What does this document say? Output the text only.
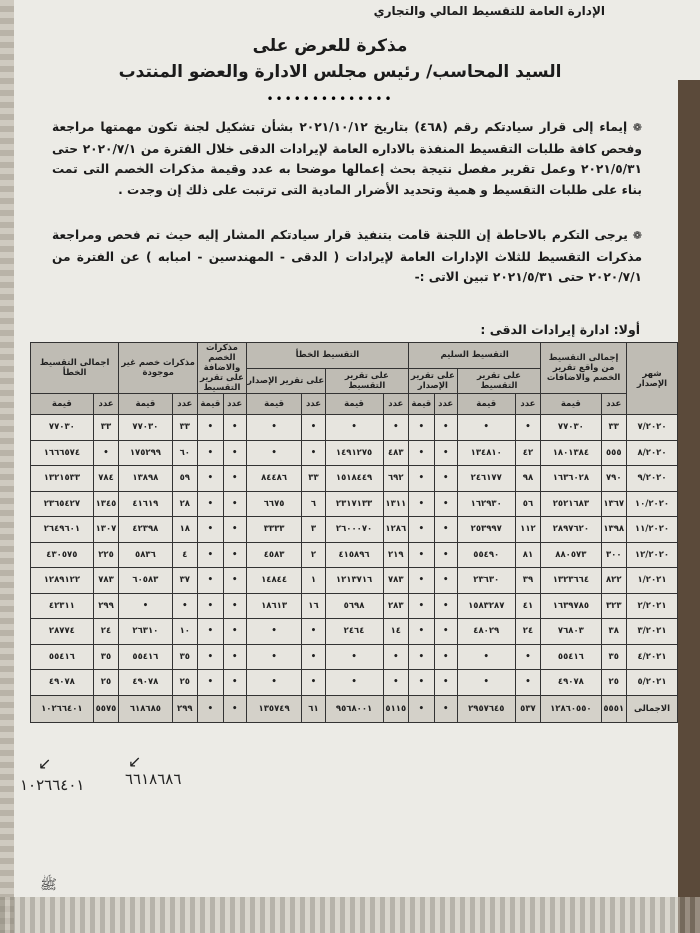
الإدارة العامة للتقسيط المالي والتجاري
مذكرة للعرض على
السيد المحاسب/ رئيس مجلس الادارة والعضو المنتدب
••••••••••••••
❁ إيماء إلى قرار سيادتكم رقم (٤٦٨) بتاريخ ٢٠٢١/١٠/١٢ بشأن تشكيل لجنة تكون مهمتها مراجعة وفحص كافة طلبات التقسيط المنفذة بالاداره العامة لإيرادات الدقى خلال الفترة من ٢٠٢٠/٧/١ حتى ٢٠٢١/٥/٣١ وعمل تقرير مفصل نتيجة بحث إعمالها موضحا به عدد وقيمة مذكرات الخصم التى تمت بناء على طلبات التقسيط و همية وتحديد الأضرار المادية التى ترتبت على ذلك إن وجدت .
❁ يرجى التكرم بالاحاطة إن اللجنة قامت بتنفيذ قرار سيادتكم المشار إليه حيث تم فحص ومراجعة مذكرات التقسيط للثلاث الإدارات العامة لإيرادات ( الدقى - المهندسين - امبابه ) عن الفترة من ٢٠٢٠/٧/١ حتى ٢٠٢١/٥/٣١ تبين الاتى :-
أولا: ادارة إيرادات الدقى :
شهر الإصدار	إجمالى التقسيط من واقع تقرير الخصم والاضافات		التقسيط السليم				التقسيط الخطأ				مذكرات الخصم والاضافة على تقرير التقسيط		مذكرات خصم غير موجودة		اجمالى التقسيط الخطأ	
			على تقرير التقسيط		على تقرير الإصدار		على تقرير التقسيط		على تقرير الإصدار							
	عدد	قيمة	عدد	قيمة	عدد	قيمة	عدد	قيمة	عدد	قيمة	عدد	قيمة	عدد	قيمة	عدد	قيمة
٧/٢٠٢٠	٣٣	٧٧٠٣٠	•	•	•	•	•	•	•	•	•	•	٣٣	٧٧٠٣٠	٣٣	٧٧٠٣٠
٨/٢٠٢٠	٥٥٥	١٨٠١٣٨٤	٤٢	١٣٤٨١٠	•	•	٤٨٣	١٤٩١٢٧٥	•	•	•	•	٦٠	١٧٥٢٩٩	•	١٦٦٦٥٧٤
٩/٢٠٢٠	٧٩٠	١٦٣٦٠٢٨	٩٨	٢٤٦١٧٧	•	•	٦٩٢	١٥١٨٤٤٩	٣٣	٨٤٤٨٦	•	•	٥٩	١٣٨٩٨	٧٨٤	١٣٢١٥٣٣
١٠/٢٠٢٠	١٣٦٧	٢٥٢١٦٨٣	٥٦	١٦٢٩٣٠	•	•	١٣١١	٢٣١٧١٣٣	٦	٦٦٧٥	•	•	٢٨	٤١٦١٩	١٣٤٥	٢٣٦٥٤٢٧
١١/٢٠٢٠	١٣٩٨	٢٨٩٧٦٢٠	١١٢	٢٥٣٩٩٧	•	•	١٢٨٦	٢٦٠٠٠٧٠	٣	٣٣٣٣	•	•	١٨	٤٢٣٩٨	١٣٠٧	٢٦٤٩٦٠١
١٢/٢٠٢٠	٣٠٠	٨٨٠٥٧٣	٨١	٥٥٤٩٠	•	•	٢١٩	٤١٥٨٩٦	٢	٤٥٨٣	•	•	٤	٥٨٣٦	٢٢٥	٤٣٠٥٧٥
١/٢٠٢١	٨٢٢	١٣٢٣٦٦٤	٣٩	٢٣٦٣٠	•	•	٧٨٣	١٢١٣٧١٦	١	١٤٨٤٤	•	•	٣٧	٦٠٥٨٣	٧٨٣	١٢٨٩١٢٢
٢/٢٠٢١	٣٢٣	١٦٣٩٧٨٥	٤١	١٥٨٣٢٨٧	•	•	٢٨٣	٥٦٩٨	١٦	١٨٦١٣	•	•	•	•	٢٩٩	٤٢٣١١
٣/٢٠٢١	٣٨	٧٦٨٠٣	٢٤	٤٨٠٢٩	•	•	١٤	٢٤٦٤	•	•	•	•	١٠	٢٦٣١٠	٢٤	٢٨٧٧٤
٤/٢٠٢١	٣٥	٥٥٤١٦	•	•	•	•	•	•	•	•	•	•	٣٥	٥٥٤١٦	٣٥	٥٥٤١٦
٥/٢٠٢١	٢٥	٤٩٠٧٨	•	•	•	•	•	•	•	•	•	•	٢٥	٤٩٠٧٨	٢٥	٤٩٠٧٨
الاجمالى	٥٥٥١	١٢٨٦٠٥٥٠	٥٣٧	٢٩٥٧٦٤٥	•	•	٥١١٥	٩٥٦٨٠٠١	٦١	١٣٥٧٤٩	•	•	٢٩٩	٦١٨٦٨٥	٥٥٧٥	١٠٢٦٦٤٠١
↙	↙
١٠٢٦٦٤٠١	٦٦١٨٦٨٦
ﷺ
